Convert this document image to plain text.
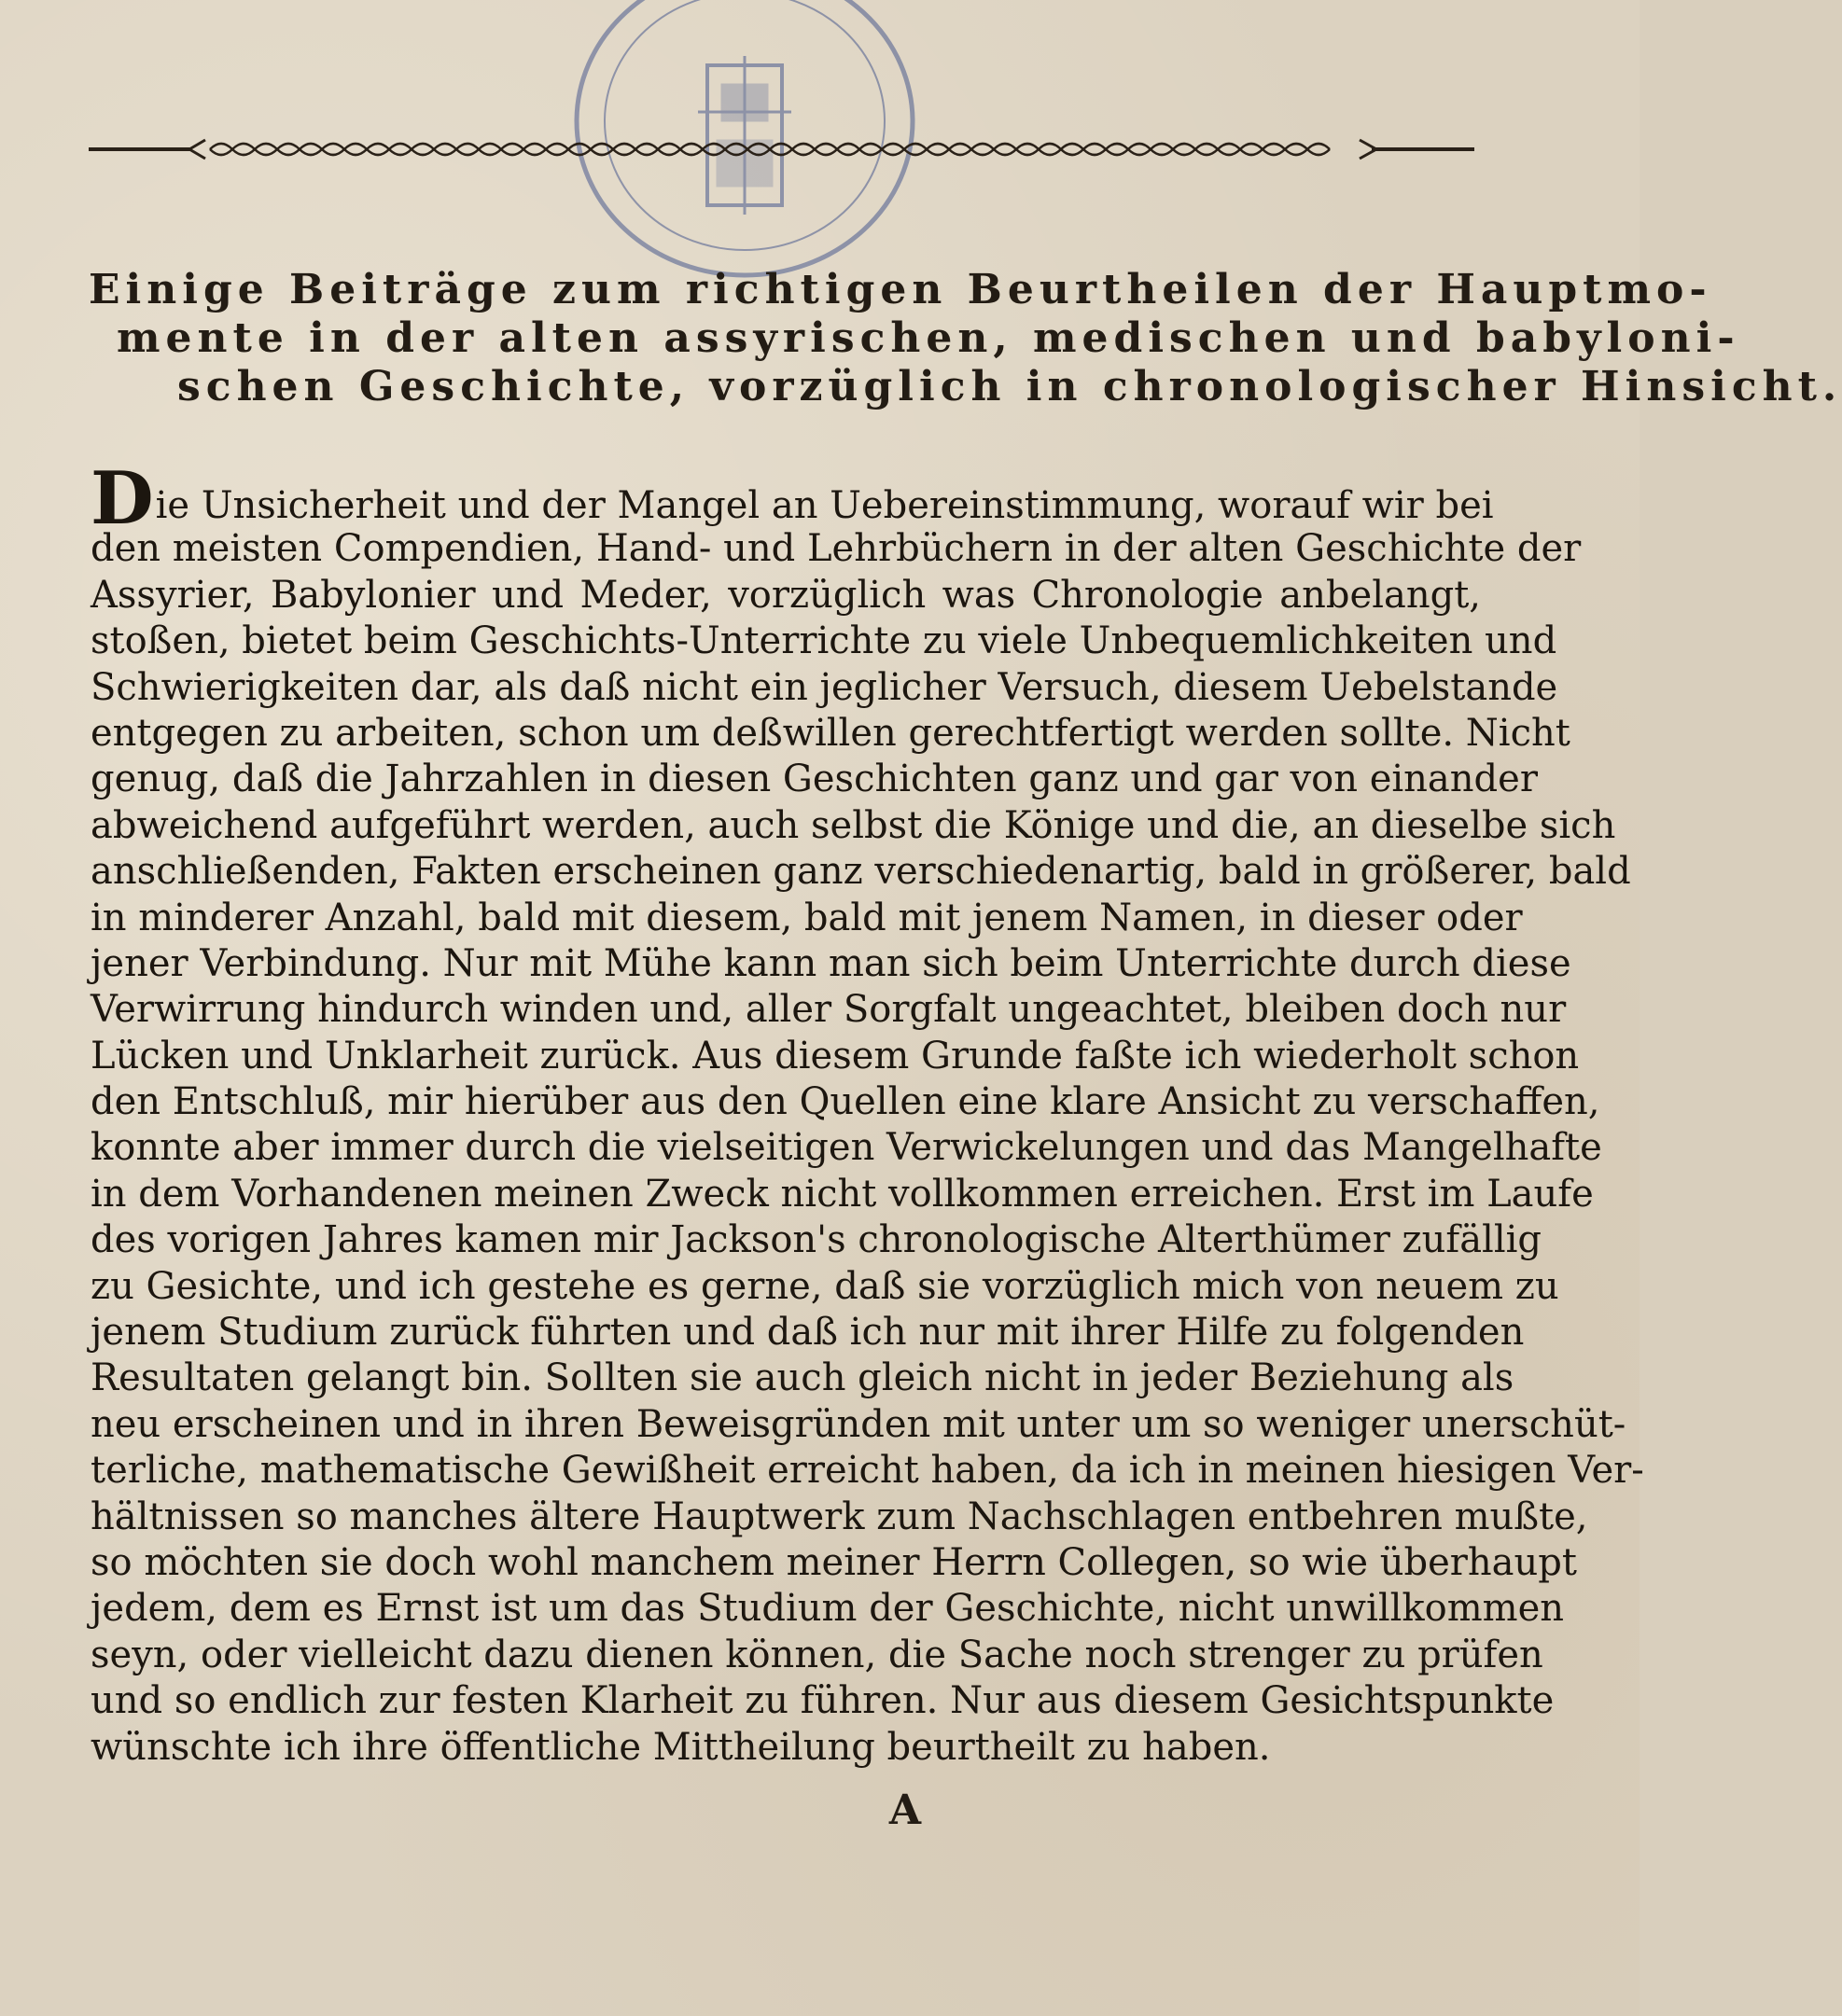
Einige Beiträge zum richtigen Beurtheilen der Hauptmo-
mente in der alten assyrischen, medischen und babyloni-
schen Geschichte, vorzüglich in chronologischer Hinsicht.
Die Unsicherheit und der Mangel an Uebereinstimmung, worauf wir bei
den meisten Compendien, Hand- und Lehrbüchern in der alten Geschichte der
Assyrier, Babylonier und Meder, vorzüglich was Chronologie anbelangt,
stoßen, bietet beim Geschichts-Unterrichte zu viele Unbequemlichkeiten und
Schwierigkeiten dar, als daß nicht ein jeglicher Versuch, diesem Uebelstande
entgegen zu arbeiten, schon um deßwillen gerechtfertigt werden sollte. Nicht
genug, daß die Jahrzahlen in diesen Geschichten ganz und gar von einander
abweichend aufgeführt werden, auch selbst die Könige und die, an dieselbe sich
anschließenden, Fakten erscheinen ganz verschiedenartig, bald in größerer, bald
in minderer Anzahl, bald mit diesem, bald mit jenem Namen, in dieser oder
jener Verbindung. Nur mit Mühe kann man sich beim Unterrichte durch diese
Verwirrung hindurch winden und, aller Sorgfalt ungeachtet, bleiben doch nur
Lücken und Unklarheit zurück. Aus diesem Grunde faßte ich wiederholt schon
den Entschluß, mir hierüber aus den Quellen eine klare Ansicht zu verschaffen,
konnte aber immer durch die vielseitigen Verwickelungen und das Mangelhafte
in dem Vorhandenen meinen Zweck nicht vollkommen erreichen. Erst im Laufe
des vorigen Jahres kamen mir Jackson's chronologische Alterthümer zufällig
zu Gesichte, und ich gestehe es gerne, daß sie vorzüglich mich von neuem zu
jenem Studium zurück führten und daß ich nur mit ihrer Hilfe zu folgenden
Resultaten gelangt bin. Sollten sie auch gleich nicht in jeder Beziehung als
neu erscheinen und in ihren Beweisgründen mit unter um so weniger unerschüt-
terliche, mathematische Gewißheit erreicht haben, da ich in meinen hiesigen Ver-
hältnissen so manches ältere Hauptwerk zum Nachschlagen entbehren mußte,
so möchten sie doch wohl manchem meiner Herrn Collegen, so wie überhaupt
jedem, dem es Ernst ist um das Studium der Geschichte, nicht unwillkommen
seyn, oder vielleicht dazu dienen können, die Sache noch strenger zu prüfen
und so endlich zur festen Klarheit zu führen. Nur aus diesem Gesichtspunkte
wünschte ich ihre öffentliche Mittheilung beurtheilt zu haben.
A
